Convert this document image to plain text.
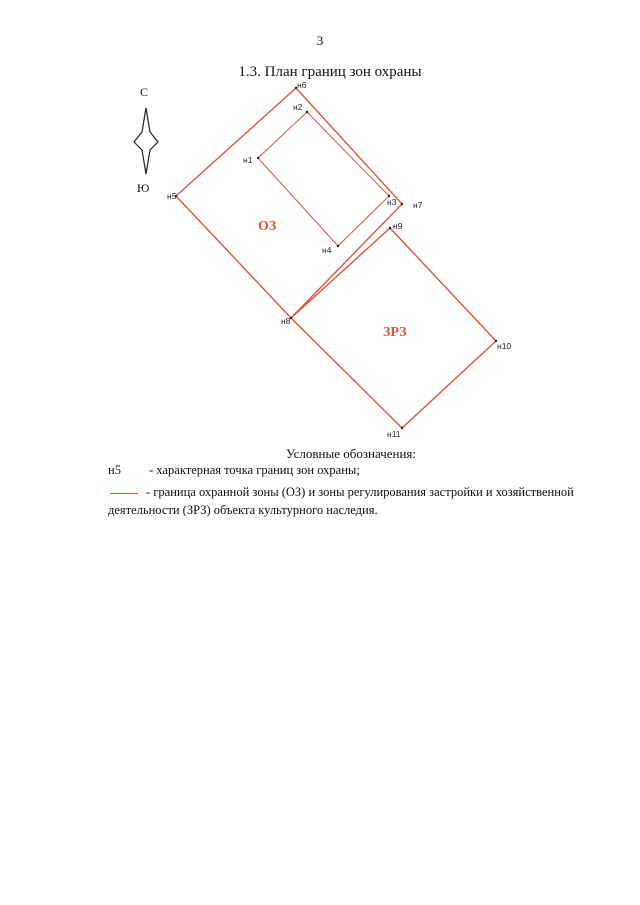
3
1.3. План границ зон охраны
С
Ю
н6
н2
н1
н3
н4
н5
н7
н9
н8
н10
н11
ОЗ
ЗРЗ
Условные обозначения:
н5 - характерная точка границ зон охраны;
- граница охранной зоны (ОЗ) и зоны регулирования застройки и хозяйственной
деятельности (ЗРЗ) объекта культурного наследия.
